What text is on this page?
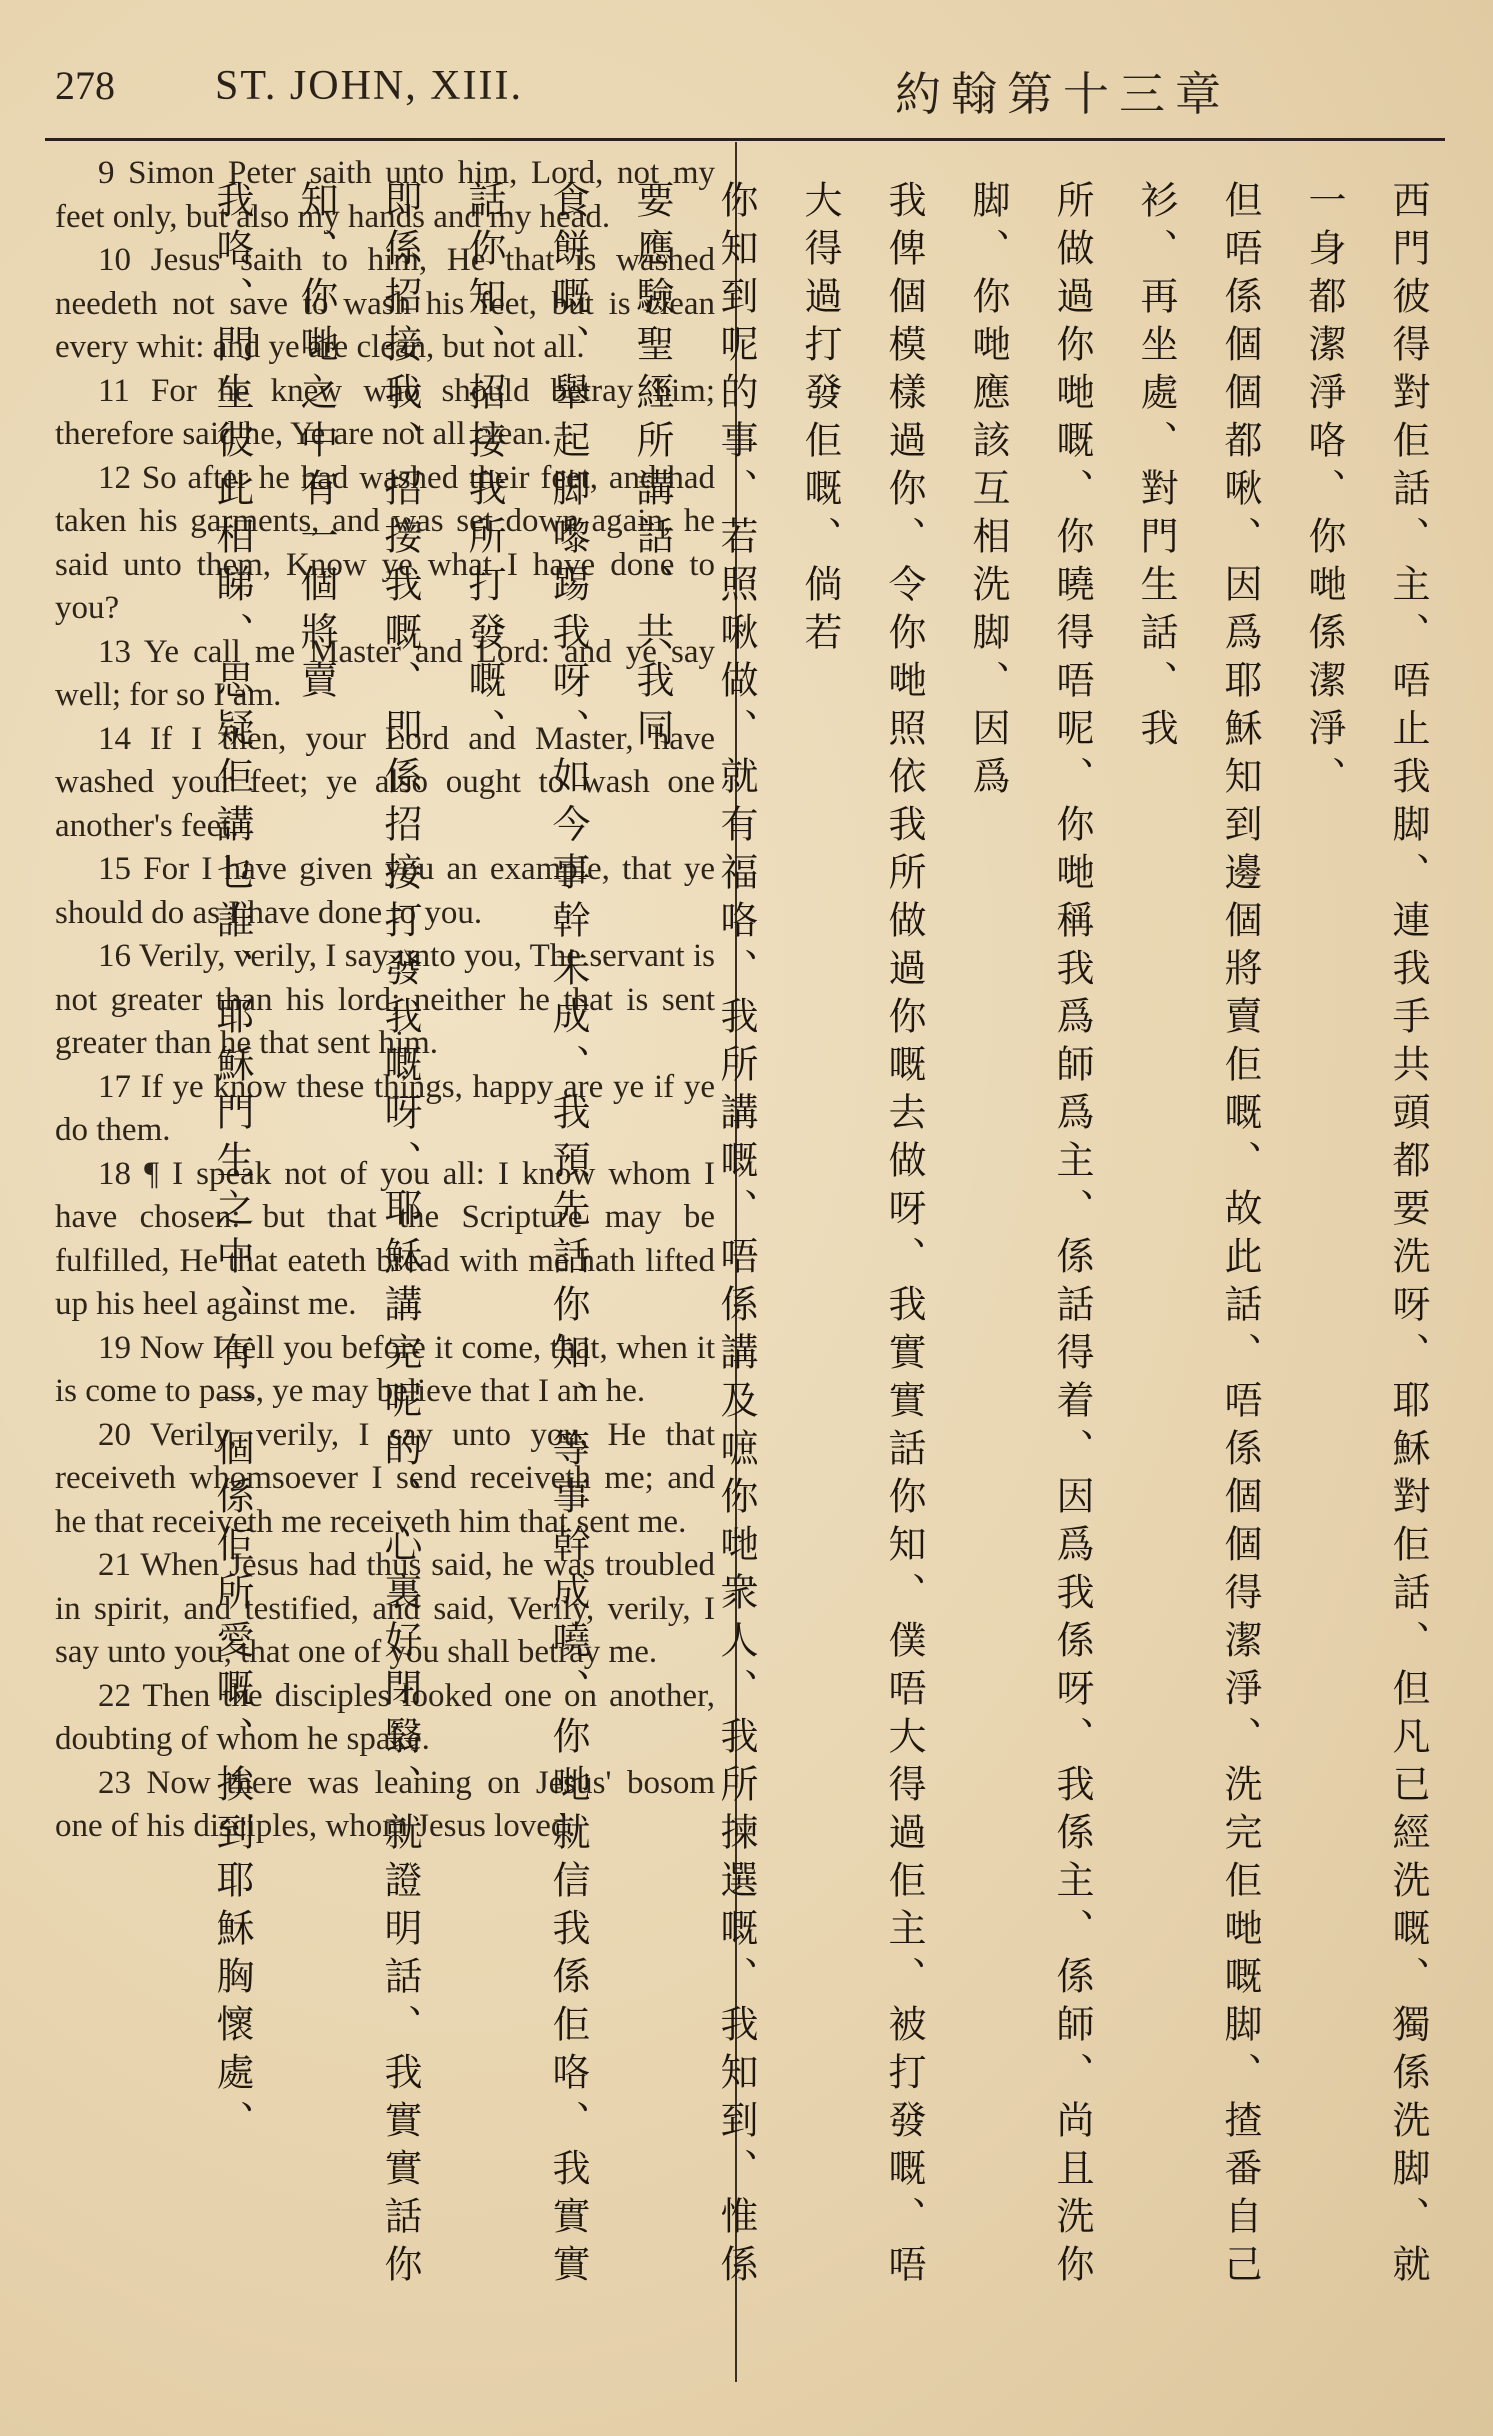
278 ST. JOHN, XIII.	約翰第十三章

9 Simon Peter saith unto him, Lord, not my feet only, but also my hands and my head.

10 Jesus saith to him, He that is washed needeth not save to wash his feet, but is clean every whit: and ye are clean, but not all.

11 For he knew who should betray him; therefore said he, Ye are not all clean.

12 So after he had washed their feet, and had taken his garments, and was set down again, he said unto them, Know ye what I have done to you?

13 Ye call me Master and Lord: and ye say well; for so I am.

14 If I then, your Lord and Master, have washed your feet; ye also ought to wash one another's feet.

15 For I have given you an example, that ye should do as I have done to you.

16 Verily, verily, I say unto you, The servant is not greater than his lord; neither he that is sent greater than he that sent him.

17 If ye know these things, happy are ye if ye do them.

18 ¶ I speak not of you all: I know whom I have chosen: but that the Scripture may be fulfilled, He that eateth bread with me hath lifted up his heel against me.

19 Now I tell you before it come, that, when it is come to pass, ye may believe that I am he.

20 Verily, verily, I say unto you, He that receiveth whomsoever I send receiveth me; and he that receiveth me receiveth him that sent me.

21 When Jesus had thus said, he was troubled in spirit, and testified, and said, Verily, verily, I say unto you, that one of you shall betray me.

22 Then the disciples looked one on another, doubting of whom he spake.

23 Now there was leaning on Jesus' bosom one of his disciples, whom Jesus loved.	西門彼得對佢話、主、唔止我脚、連我手共頭都要洗呀、耶穌對佢話、但凡已經洗嘅、獨係洗脚、就一身都潔淨咯、你哋係潔淨、

但唔係個個都啾、因爲耶穌知到邊個將賣佢嘅、故此話、唔係個個得潔淨、洗完佢哋嘅脚、揸番自己衫、再坐處、對門生話、我

所做過你哋嘅、你曉得唔呢、你哋稱我爲師爲主、係話得着、因爲我係呀、我係主、係師、尚且洗你脚、你哋應該互相洗脚、因爲

我俾個模樣過你、令你哋照依我所做過你嘅去做呀、我實實話你知、僕唔大得過佢主、被打發嘅、唔大得過打發佢嘅、倘若

你知到呢的事、若照啾做、就有福咯、我所講嘅、唔係講及嗻你哋衆人、我所揀選嘅、我知到、惟係要應驗聖經所講話、共我同

食餅嘅、舉起脚嚟踢我呀、如今事幹未成、我預先話你知、等事幹成嘵、你哋就信我係佢咯、我實實話你知、招接我所打發嘅、

即係招接我、招接我嘅、即係招接打發我嘅呀、耶穌講完呢的、心裏好閉翳、就證明話、我實實話你知、你哋之中有一個將賣

我咯、門生彼此相睇、思疑佢講乜誰、耶穌門生之中、有一個係佢所愛嘅、挨到耶穌胸懷處、
